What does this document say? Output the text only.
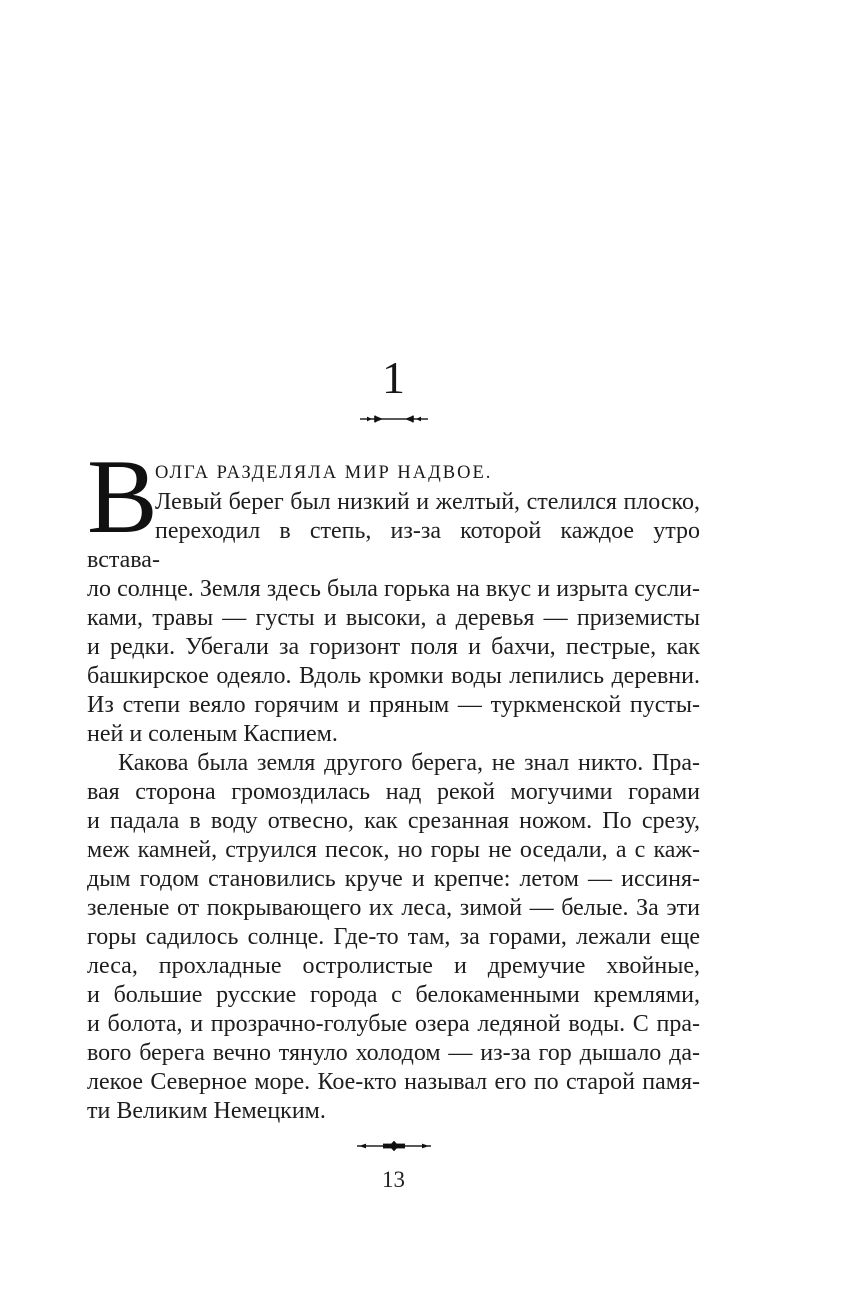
1
В
ОЛГА РАЗДЕЛЯЛА МИР НАДВОЕ.
Левый берег был низкий и желтый, стелился плоско,
переходил в степь, из-за которой каждое утро встава-
ло солнце. Земля здесь была горька на вкус и изрыта сусли-
ками, травы — густы и высоки, а деревья — приземисты
и редки. Убегали за горизонт поля и бахчи, пестрые, как
башкирское одеяло. Вдоль кромки воды лепились деревни.
Из степи веяло горячим и пряным — туркменской пусты-
ней и соленым Каспием.
Какова была земля другого берега, не знал никто. Пра-
вая сторона громоздилась над рекой могучими горами
и падала в воду отвесно, как срезанная ножом. По срезу,
меж камней, струился песок, но горы не оседали, а с каж-
дым годом становились круче и крепче: летом — иссиня-
зеленые от покрывающего их леса, зимой — белые. За эти
горы садилось солнце. Где-то там, за горами, лежали еще
леса, прохладные остролистые и дремучие хвойные,
и большие русские города с белокаменными кремлями,
и болота, и прозрачно-голубые озера ледяной воды. С пра-
вого берега вечно тянуло холодом — из-за гор дышало да-
лекое Северное море. Кое-кто называл его по старой памя-
ти Великим Немецким.
13
